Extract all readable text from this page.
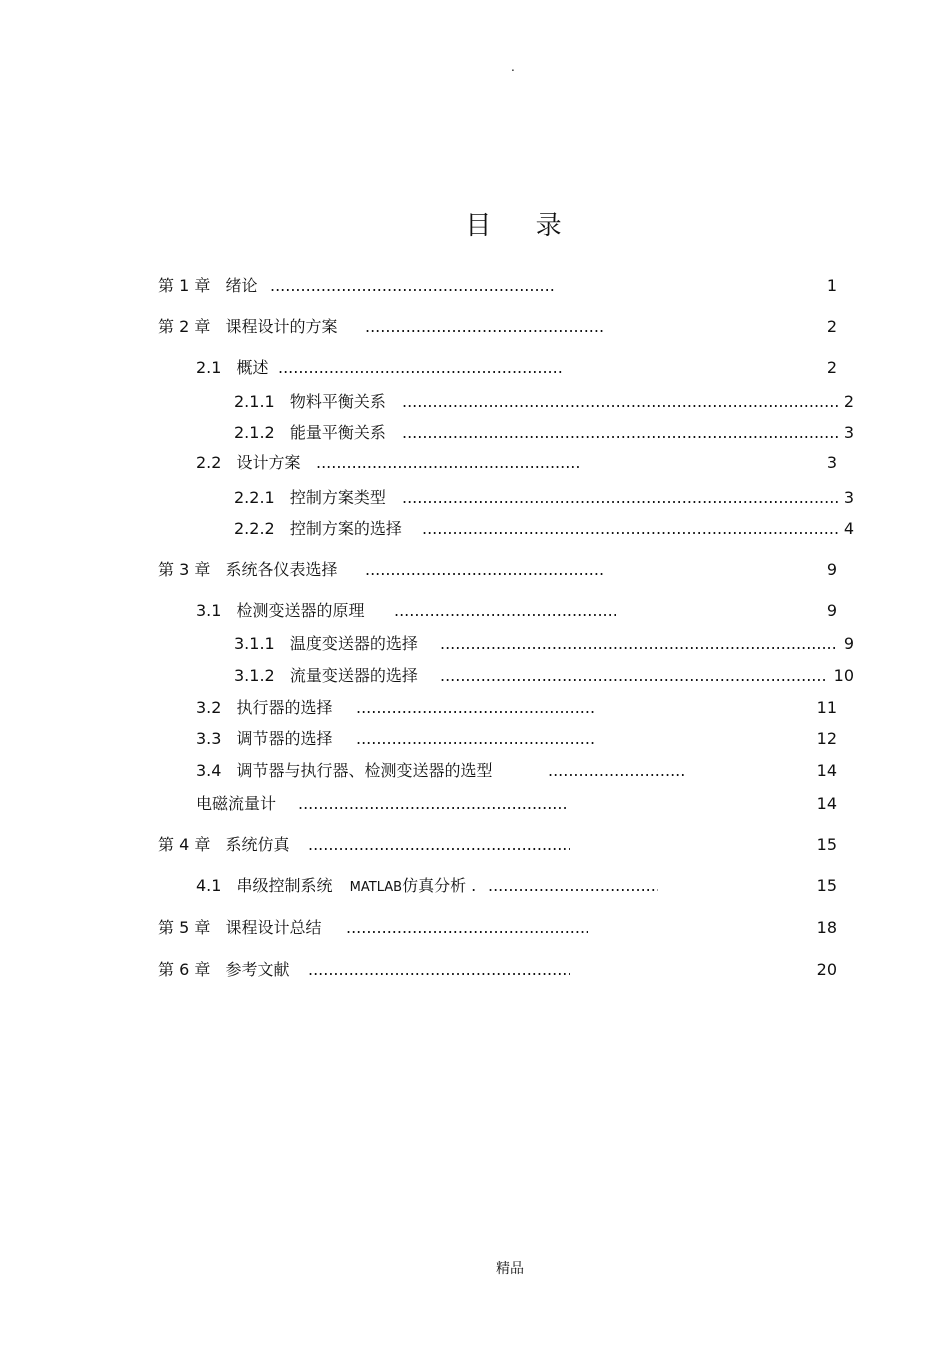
.
目 录
第 1 章 绪论 .....	1
第 2 章 课程设计的方案 .....	2
2.1 概述 .....	2
2.1.1 物料平衡关系 .....	2
2.1.2 能量平衡关系 .....	3
2.2 设计方案 .....	3
2.2.1 控制方案类型 .....	3
2.2.2 控制方案的选择 .....	4
第 3 章 系统各仪表选择 .....	9
3.1 检测变送器的原理 .....	9
3.1.1 温度变送器的选择 .....	9
3.1.2 流量变送器的选择 .....	10
3.2 执行器的选择 .....	11
3.3 调节器的选择 .....	12
3.4 调节器与执行器、检测变送器的选型 .....	14
电磁流量计 .....	14
第 4 章 系统仿真 .....	15
4.1 串级控制系统 MATLAB仿真分析 . .....	15
第 5 章 课程设计总结 .....	18
第 6 章 参考文献 .....	20
精品
